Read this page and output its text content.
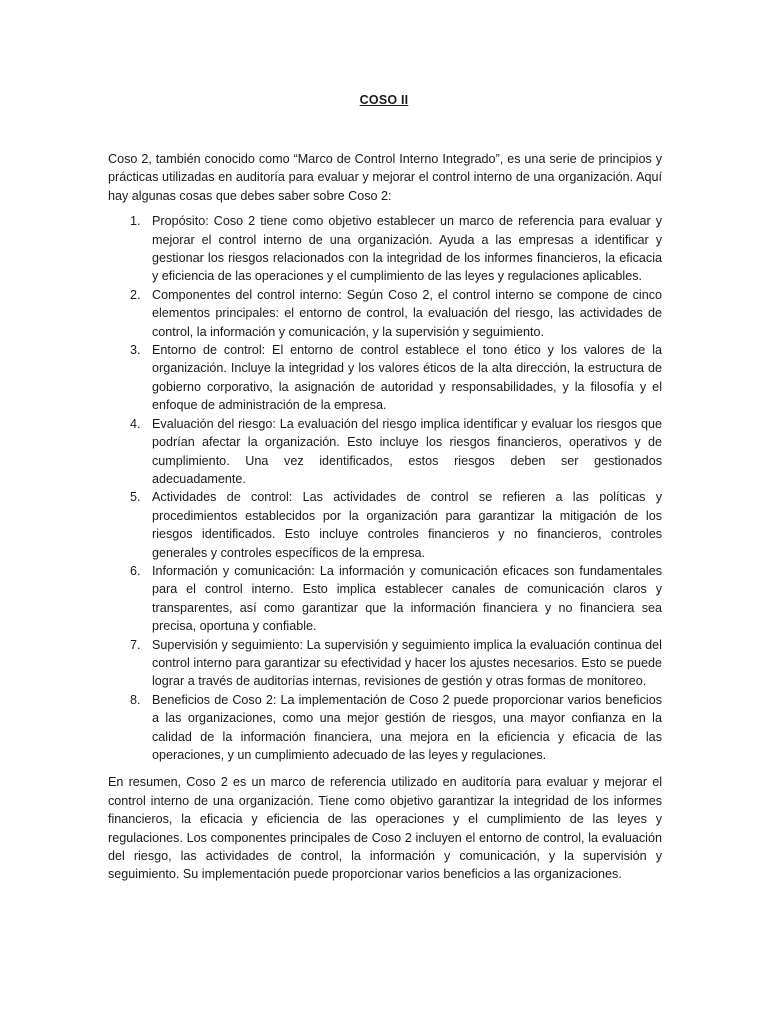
COSO II

Coso 2, también conocido como “Marco de Control Interno Integrado”, es una serie de principios y prácticas utilizadas en auditoría para evaluar y mejorar el control interno de una organización. Aquí hay algunas cosas que debes saber sobre Coso 2:

1. Propósito: Coso 2 tiene como objetivo establecer un marco de referencia para evaluar y mejorar el control interno de una organización. Ayuda a las empresas a identificar y gestionar los riesgos relacionados con la integridad de los informes financieros, la eficacia y eficiencia de las operaciones y el cumplimiento de las leyes y regulaciones aplicables.
2. Componentes del control interno: Según Coso 2, el control interno se compone de cinco elementos principales: el entorno de control, la evaluación del riesgo, las actividades de control, la información y comunicación, y la supervisión y seguimiento.
3. Entorno de control: El entorno de control establece el tono ético y los valores de la organización. Incluye la integridad y los valores éticos de la alta dirección, la estructura de gobierno corporativo, la asignación de autoridad y responsabilidades, y la filosofía y el enfoque de administración de la empresa.
4. Evaluación del riesgo: La evaluación del riesgo implica identificar y evaluar los riesgos que podrían afectar la organización. Esto incluye los riesgos financieros, operativos y de cumplimiento. Una vez identificados, estos riesgos deben ser gestionados adecuadamente.
5. Actividades de control: Las actividades de control se refieren a las políticas y procedimientos establecidos por la organización para garantizar la mitigación de los riesgos identificados. Esto incluye controles financieros y no financieros, controles generales y controles específicos de la empresa.
6. Información y comunicación: La información y comunicación eficaces son fundamentales para el control interno. Esto implica establecer canales de comunicación claros y transparentes, así como garantizar que la información financiera y no financiera sea precisa, oportuna y confiable.
7. Supervisión y seguimiento: La supervisión y seguimiento implica la evaluación continua del control interno para garantizar su efectividad y hacer los ajustes necesarios. Esto se puede lograr a través de auditorías internas, revisiones de gestión y otras formas de monitoreo.
8. Beneficios de Coso 2: La implementación de Coso 2 puede proporcionar varios beneficios a las organizaciones, como una mejor gestión de riesgos, una mayor confianza en la calidad de la información financiera, una mejora en la eficiencia y eficacia de las operaciones, y un cumplimiento adecuado de las leyes y regulaciones.

En resumen, Coso 2 es un marco de referencia utilizado en auditoría para evaluar y mejorar el control interno de una organización. Tiene como objetivo garantizar la integridad de los informes financieros, la eficacia y eficiencia de las operaciones y el cumplimiento de las leyes y regulaciones. Los componentes principales de Coso 2 incluyen el entorno de control, la evaluación del riesgo, las actividades de control, la información y comunicación, y la supervisión y seguimiento. Su implementación puede proporcionar varios beneficios a las organizaciones.
